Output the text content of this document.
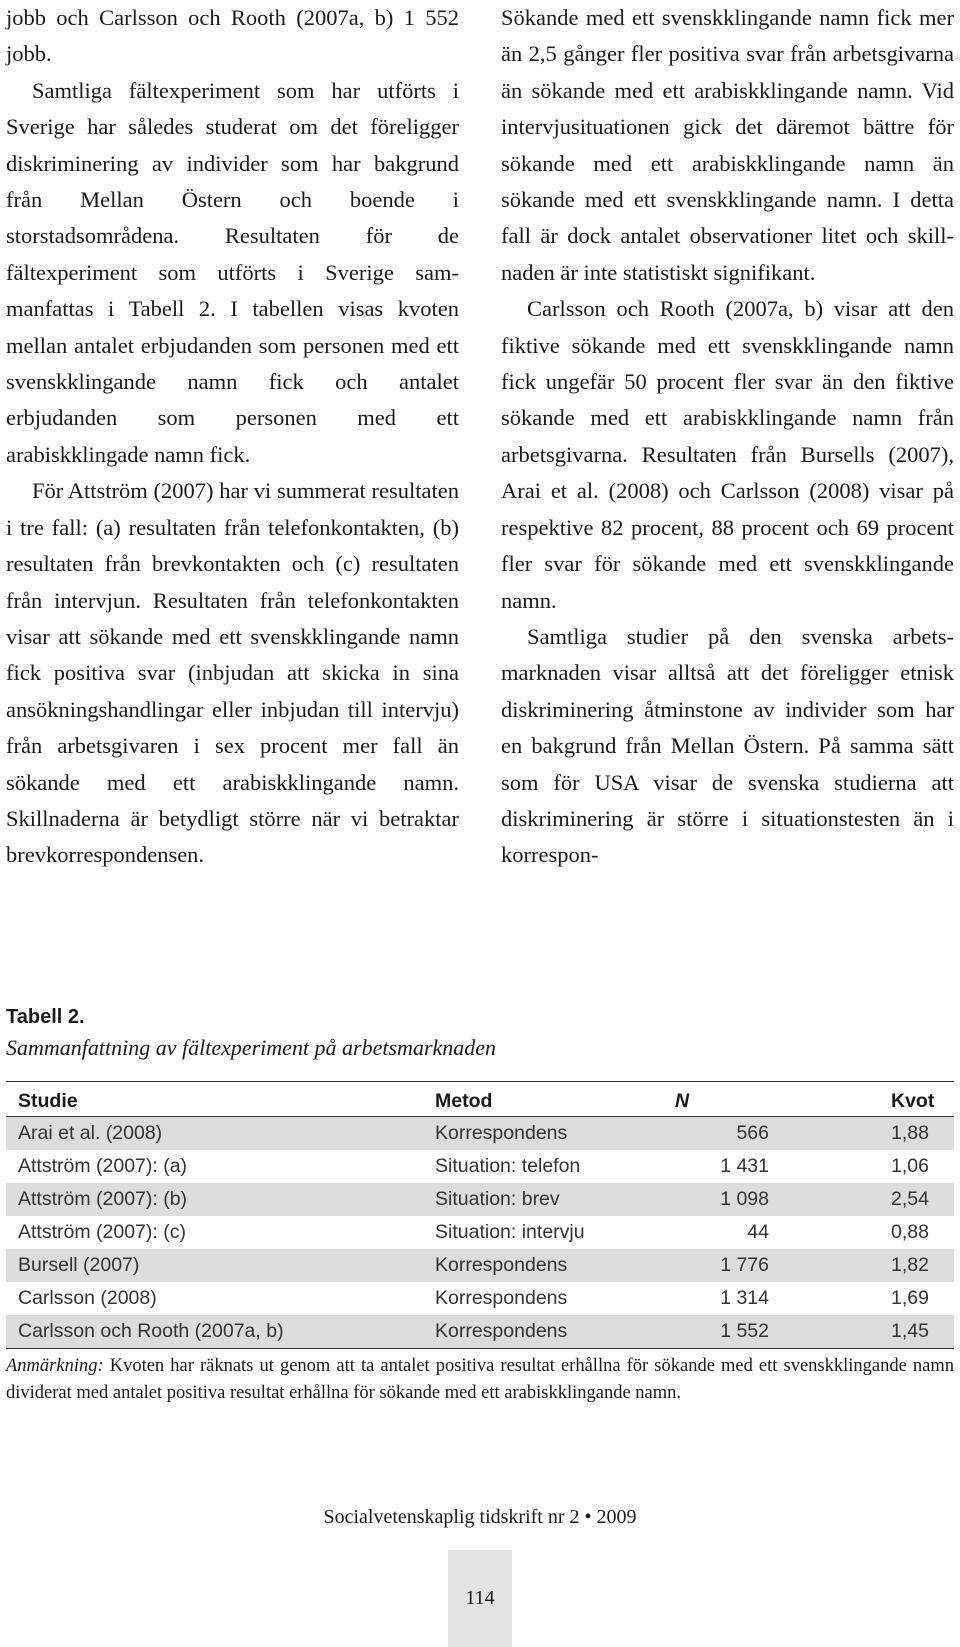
jobb och Carlsson och Rooth (2007a, b) 1 552 jobb.

Samtliga fältexperiment som har utförts i Sverige har således studerat om det föreligger diskriminering av individer som har bakgrund från Mellan Östern och boende i storstadsområdena. Resultaten för de fältexperiment som utförts i Sverige sammanfattas i Tabell 2. I tabellen visas kvoten mellan antalet erbjudanden som personen med ett svenskklingande namn fick och antalet erbjudanden som personen med ett arabiskklingade namn fick.

För Attström (2007) har vi summerat resultaten i tre fall: (a) resultaten från telefonkontakten, (b) resultaten från brevkontakten och (c) resultaten från intervjun. Resultaten från telefonkontakten visar att sökande med ett svenskklingande namn fick positiva svar (inbjudan att skicka in sina ansökningshandlingar eller inbjudan till intervju) från arbetsgivaren i sex procent mer fall än sökande med ett arabiskklingande namn. Skillnaderna är betydligt större när vi betraktar brevkorrespondensen.

Sökande med ett svenskklingande namn fick mer än 2,5 gånger fler positiva svar från arbetsgivarna än sökande med ett arabiskklingande namn. Vid intervjusituationen gick det däremot bättre för sökande med ett arabiskklingande namn än sökande med ett svenskklingande namn. I detta fall är dock antalet observationer litet och skillnaden är inte statistiskt signifikant.

Carlsson och Rooth (2007a, b) visar att den fiktive sökande med ett svenskklingande namn fick ungefär 50 procent fler svar än den fiktive sökande med ett arabiskklingande namn från arbetsgivarna. Resultaten från Bursells (2007), Arai et al. (2008) och Carlsson (2008) visar på respektive 82 procent, 88 procent och 69 procent fler svar för sökande med ett svenskklingande namn.

Samtliga studier på den svenska arbetsmarknaden visar alltså att det föreligger etnisk diskriminering åtminstone av individer som har en bakgrund från Mellan Östern. På samma sätt som för USA visar de svenska studierna att diskriminering är större i situationstesten än i korrespon-

Tabell 2.
Sammanfattning av fältexperiment på arbetsmarknaden
Studie	Metod	N	Kvot
Arai et al. (2008)	Korrespondens	566	1,88
Attström (2007): (a)	Situation: telefon	1 431	1,06
Attström (2007): (b)	Situation: brev	1 098	2,54
Attström (2007): (c)	Situation: intervju	44	0,88
Bursell (2007)	Korrespondens	1 776	1,82
Carlsson (2008)	Korrespondens	1 314	1,69
Carlsson och Rooth (2007a, b)	Korrespondens	1 552	1,45
Anmärkning: Kvoten har räknats ut genom att ta antalet positiva resultat erhållna för sökande med ett svenskklingande namn dividerat med antalet positiva resultat erhållna för sökande med ett arabiskklingande namn.
Socialvetenskaplig tidskrift nr 2 • 2009
114
